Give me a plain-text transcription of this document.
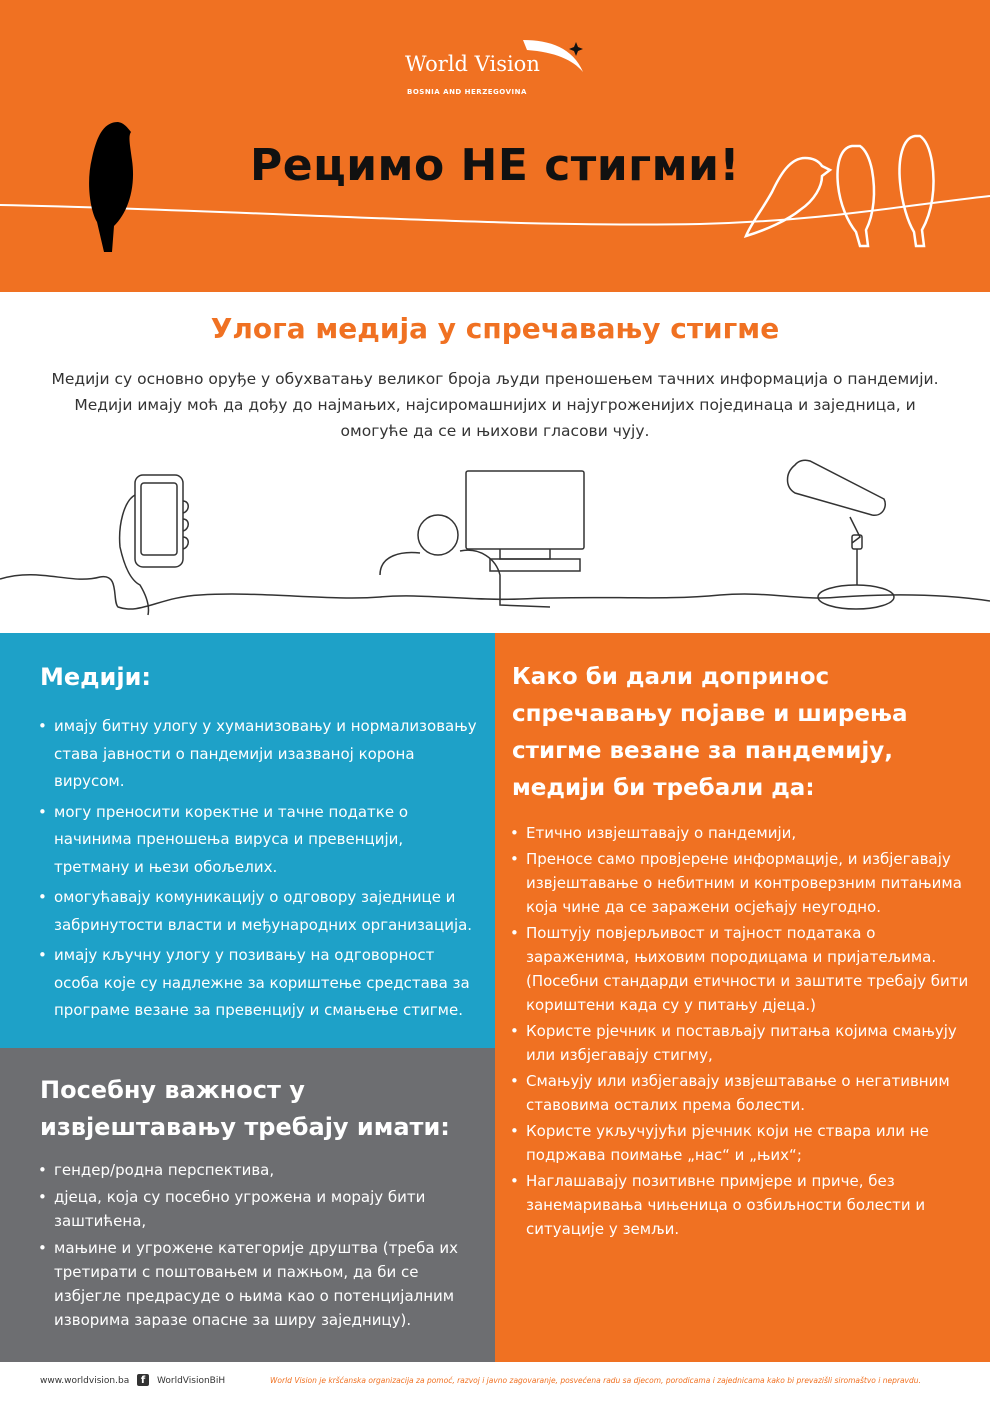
World Vision
BOSNIA AND HERZEGOVINA
Рецимо НЕ стигми!
Улога медија у спречавању стигме
Медији су основно оруђе у обухватању великог броја људи преношењем тачних информација о пандемији. Медији имају моћ да дођу до најмањих, најсиромашнијих и најугроженијих појединаца и заједница, и омогуће да се и њихови гласови чују.
Медији:
• имају битну улогу у хуманизовању и нормализовању става јавности о пандемији изазваној корона вирусом.
• могу преносити коректне и тачне податке о начинима преношења вируса и превенцији, третману и њези обољелих.
• омогућавају комуникацију о одговору заједнице и забринутости власти и међународних организација.
• имају кључну улогу у позивању на одговорност особа које су надлежне за кориштење средстава за програме везане за превенцију и смањење стигме.
Посебну важност у извјештавању требају имати:
• гендер/родна перспектива,
• дјеца, која су посебно угрожена и морају бити заштићена,
• мањине и угрожене категорије друштва (треба их третирати с поштовањем и пажњом, да би се избјегле предрасуде о њима као о потенцијалним изворима заразе опасне за ширу заједницу).
Како би дали допринос спречавању појаве и ширења стигме везане за пандемију, медији би требали да:
• Етично извјештавају о пандемији,
• Преносе само провјерене информације, и избјегавају извјештавање о небитним и контроверзним питањима која чине да се заражени осјећају неугодно.
• Поштују повјерљивост и тајност података о зараженима, њиховим породицама и пријатељима. (Посебни стандарди етичности и заштите требају бити кориштени када су у питању дјеца.)
• Користе рјечник и постављају питања којима смањују или избјегавају стигму,
• Смањују или избјегавају извјештавање о негативним ставовима осталих према болести.
• Користе укључујући рјечник који не ствара или не подржава поимање „нас“ и „њих“;
• Наглашавају позитивне примјере и приче, без занемаривања чињеница о озбиљности болести и ситуације у земљи.
www.worldvision.ba	f	WorldVisionBiH	World Vision je kršćanska organizacija za pomoć, razvoj i javno zagovaranje, posvećena radu sa djecom, porodicama i zajednicama kako bi prevazišli siromaštvo i nepravdu.
